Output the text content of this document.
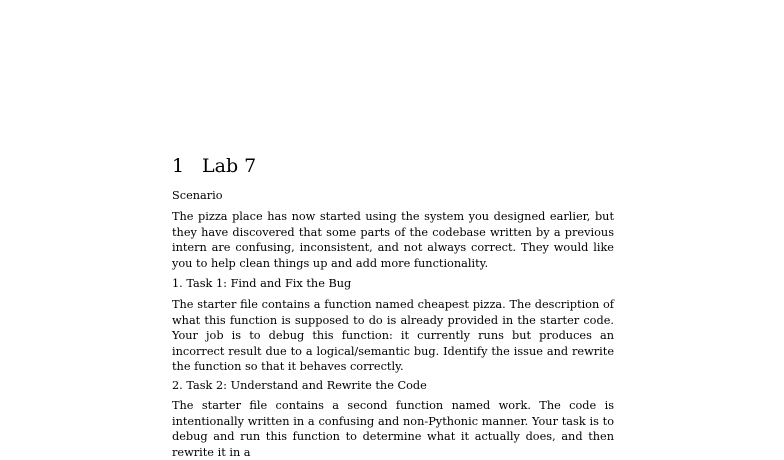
1 Lab 7
Scenario

The pizza place has now started using the system you designed earlier, but they have discovered that some parts of the codebase written by a previous intern are confusing, inconsistent, and not always correct. They would like you to help clean things up and add more functionality.

1. Task 1: Find and Fix the Bug

The starter file contains a function named cheapest pizza. The description of what this function is supposed to do is already provided in the starter code. Your job is to debug this function: it currently runs but produces an incorrect result due to a logical/semantic bug. Identify the issue and rewrite the function so that it behaves correctly.

2. Task 2: Understand and Rewrite the Code

The starter file contains a second function named work. The code is intentionally written in a confusing and non-Pythonic manner. Your task is to debug and run this function to determine what it actually does, and then rewrite it in a
